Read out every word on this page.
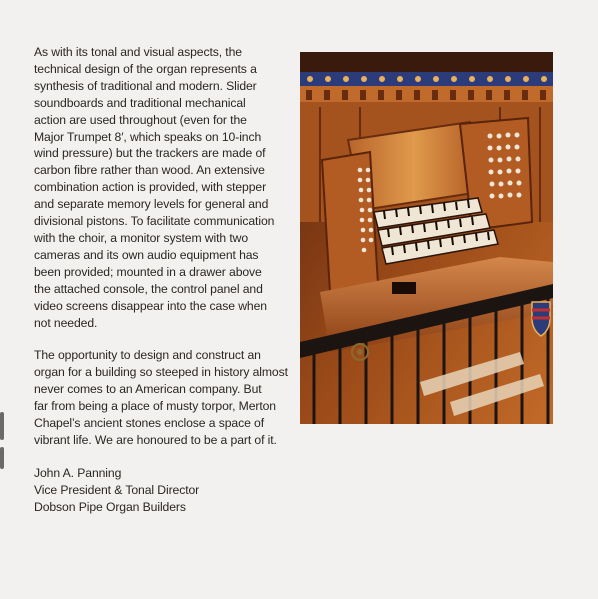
As with its tonal and visual aspects, the
technical design of the organ represents a
synthesis of traditional and modern. Slider
soundboards and traditional mechanical
action are used throughout (even for the
Major Trumpet 8′, which speaks on 10-inch
wind pressure) but the trackers are made of
carbon fibre rather than wood. An extensive
combination action is provided, with stepper
and separate memory levels for general and
divisional pistons. To facilitate communication
with the choir, a monitor system with two
cameras and its own audio equipment has
been provided; mounted in a drawer above
the attached console, the control panel and
video screens disappear into the case when
not needed.

The opportunity to design and construct an
organ for a building so steeped in history almost
never comes to an American company. But
far from being a place of musty torpor, Merton
Chapel’s ancient stones enclose a space of
vibrant life. We are honoured to be a part of it.

John A. Panning
Vice President & Tonal Director
Dobson Pipe Organ Builders
